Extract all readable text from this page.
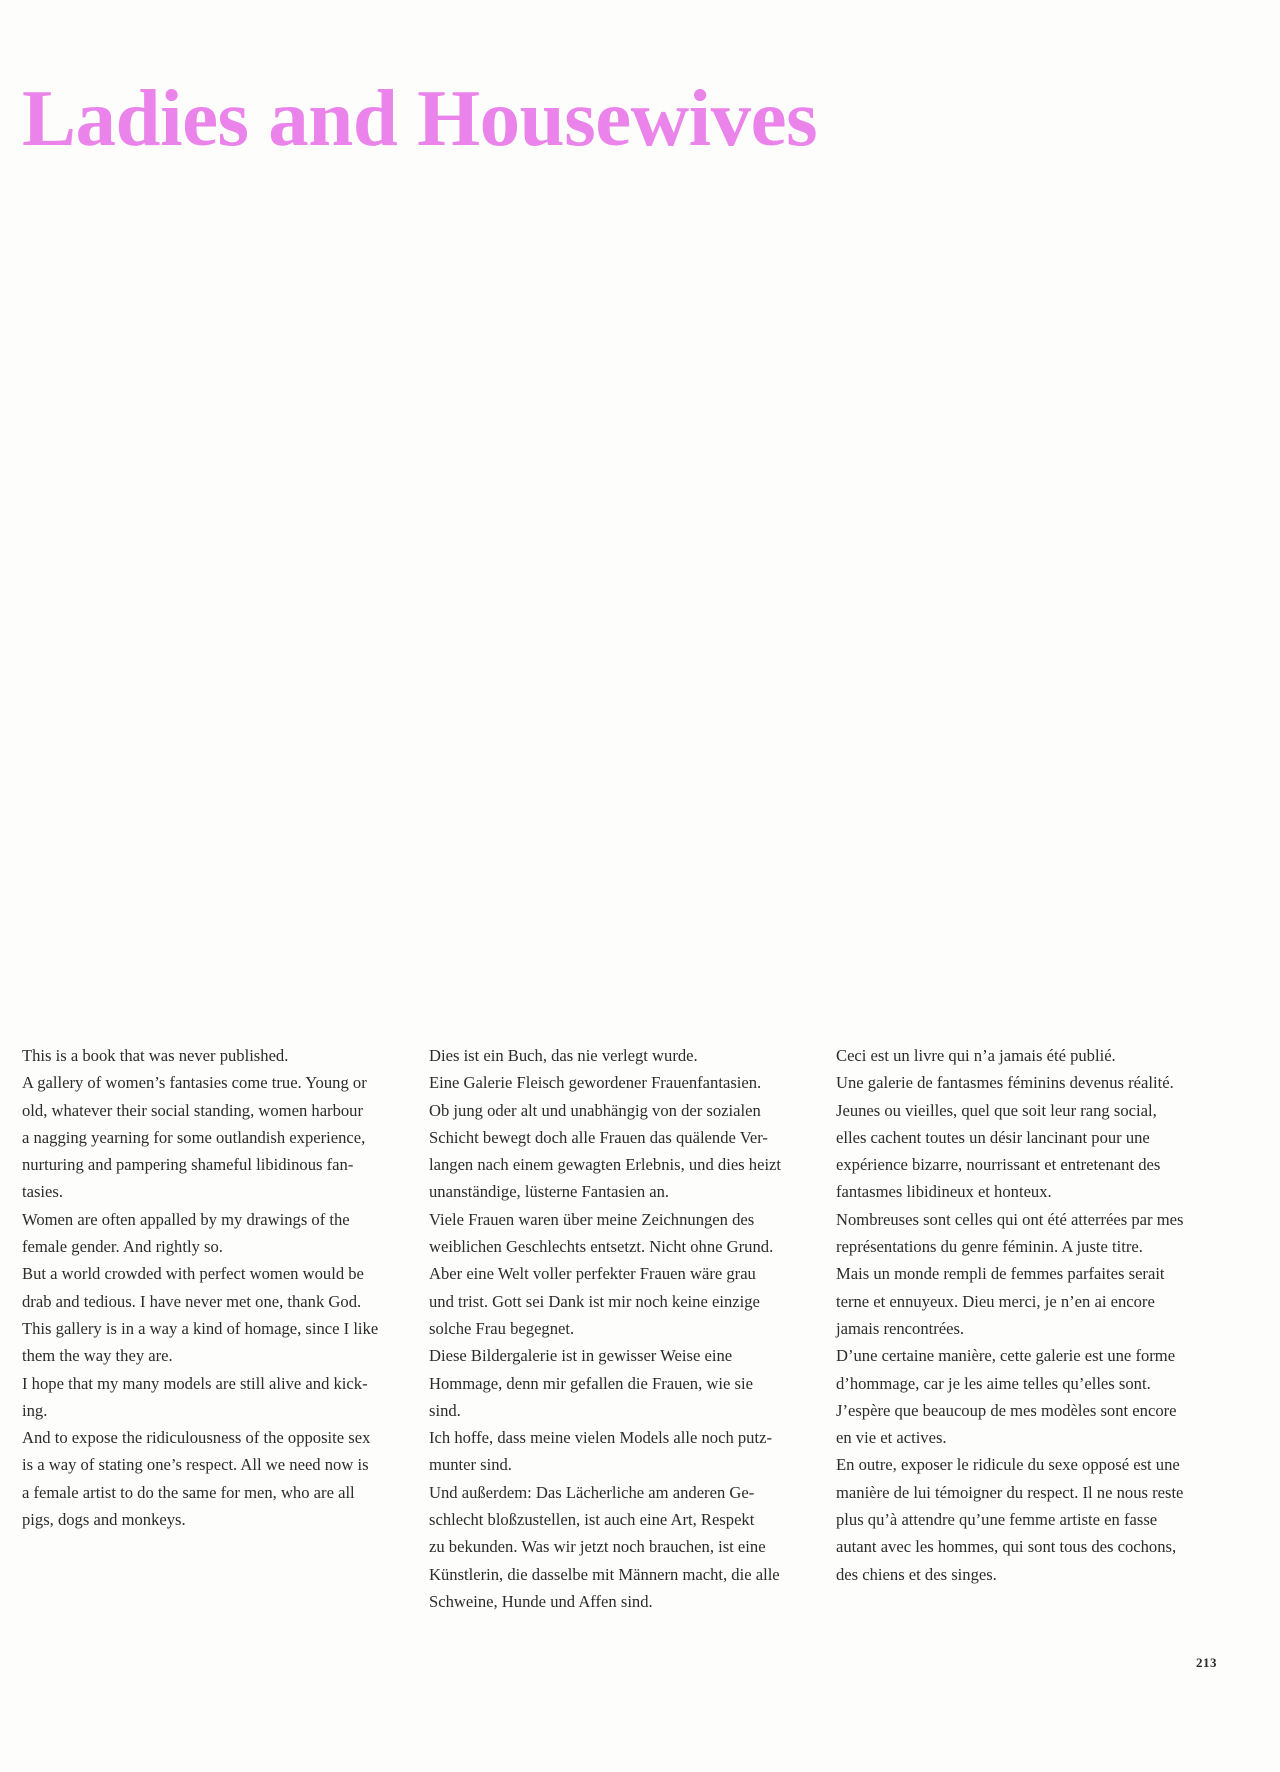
Ladies and Housewives
This is a book that was never published.
A gallery of women’s fantasies come true. Young or
old, whatever their social standing, women harbour
a nagging yearning for some outlandish experience,
nurturing and pampering shameful libidinous fan-
tasies.
Women are often appalled by my drawings of the
female gender. And rightly so.
But a world crowded with perfect women would be
drab and tedious. I have never met one, thank God.
This gallery is in a way a kind of homage, since I like
them the way they are.
I hope that my many models are still alive and kick-
ing.
And to expose the ridiculousness of the opposite sex
is a way of stating one’s respect. All we need now is
a female artist to do the same for men, who are all
pigs, dogs and monkeys.
Dies ist ein Buch, das nie verlegt wurde.
Eine Galerie Fleisch gewordener Frauenfantasien.
Ob jung oder alt und unabhängig von der sozialen
Schicht bewegt doch alle Frauen das quälende Ver-
langen nach einem gewagten Erlebnis, und dies heizt
unanständige, lüsterne Fantasien an.
Viele Frauen waren über meine Zeichnungen des
weiblichen Geschlechts entsetzt. Nicht ohne Grund.
Aber eine Welt voller perfekter Frauen wäre grau
und trist. Gott sei Dank ist mir noch keine einzige
solche Frau begegnet.
Diese Bildergalerie ist in gewisser Weise eine
Hommage, denn mir gefallen die Frauen, wie sie
sind.
Ich hoffe, dass meine vielen Models alle noch putz-
munter sind.
Und außerdem: Das Lächerliche am anderen Ge-
schlecht bloßzustellen, ist auch eine Art, Respekt
zu bekunden. Was wir jetzt noch brauchen, ist eine
Künstlerin, die dasselbe mit Männern macht, die alle
Schweine, Hunde und Affen sind.
Ceci est un livre qui n’a jamais été publié.
Une galerie de fantasmes féminins devenus réalité.
Jeunes ou vieilles, quel que soit leur rang social,
elles cachent toutes un désir lancinant pour une
expérience bizarre, nourrissant et entretenant des
fantasmes libidineux et honteux.
Nombreuses sont celles qui ont été atterrées par mes
représentations du genre féminin. A juste titre.
Mais un monde rempli de femmes parfaites serait
terne et ennuyeux. Dieu merci, je n’en ai encore
jamais rencontrées.
D’une certaine manière, cette galerie est une forme
d’hommage, car je les aime telles qu’elles sont.
J’espère que beaucoup de mes modèles sont encore
en vie et actives.
En outre, exposer le ridicule du sexe opposé est une
manière de lui témoigner du respect. Il ne nous reste
plus qu’à attendre qu’une femme artiste en fasse
autant avec les hommes, qui sont tous des cochons,
des chiens et des singes.
213
